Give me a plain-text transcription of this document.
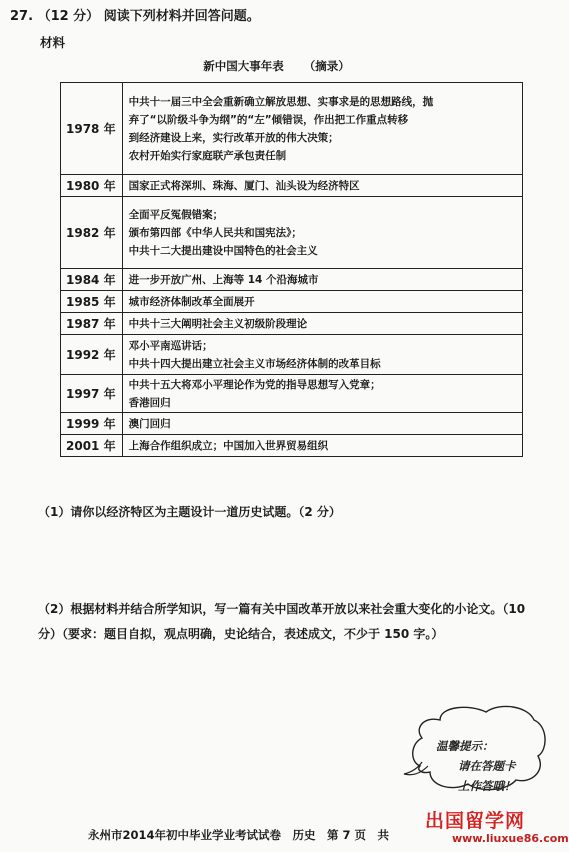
27. （12 分） 阅读下列材料并回答问题。
材料
新中国大事年表 （摘录）
1978 年	中共十一届三中全会重新确立解放思想、实事求是的思想路线，抛
弃了“以阶级斗争为纲”的“左”倾错误，作出把工作重点转移
到经济建设上来，实行改革开放的伟大决策；
农村开始实行家庭联产承包责任制

1980 年	国家正式将深圳、珠海、厦门、汕头设为经济特区

1982 年	全面平反冤假错案；
颁布第四部《中华人民共和国宪法》；
中共十二大提出建设中国特色的社会主义

1984 年	进一步开放广州、上海等 14 个沿海城市

1985 年	城市经济体制改革全面展开

1987 年	中共十三大阐明社会主义初级阶段理论

1992 年	邓小平南巡讲话；
中共十四大提出建立社会主义市场经济体制的改革目标

1997 年	中共十五大将邓小平理论作为党的指导思想写入党章；
香港回归

1999 年	澳门回归

2001 年	上海合作组织成立；中国加入世界贸易组织
（1）请你以经济特区为主题设计一道历史试题。（2 分）
（2）根据材料并结合所学知识，写一篇有关中国改革开放以来社会重大变化的小论文。（10 分）（要求：题目自拟，观点明确，史论结合，表述成文，不少于 150 字。）
温馨提示：
请在答题卡
上作答哦！
永州市2014年初中毕业学业考试试卷　历史　第 7 页　共
出国留学网
www.liuxue86.com
